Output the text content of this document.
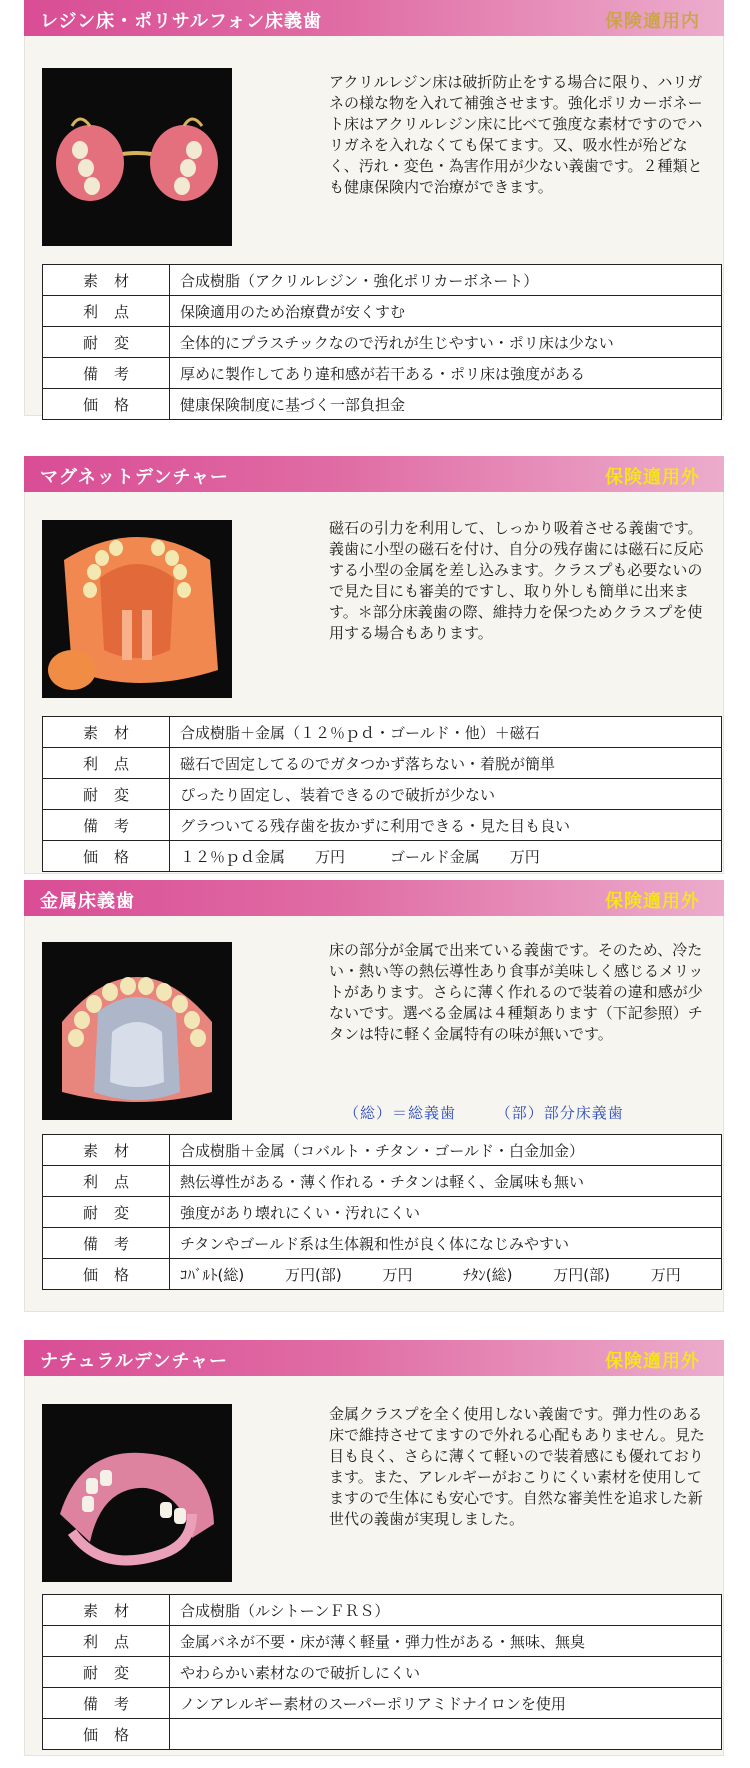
レジン床・ポリサルフォン床義歯	保険適用内

アクリルレジン床は破折防止をする場合に限り、ハリガネの様な物を入れて補強させます。強化ポリカーボネート床はアクリルレジン床に比べて強度な素材ですのでハリガネを入れなくても保てます。又、吸水性が殆どなく、汚れ・変色・為害作用が少ない義歯です。２種類とも健康保険内で治療ができます。

素材	合成樹脂（アクリルレジン・強化ポリカーボネート）
利点	保険適用のため治療費が安くすむ
耐変	全体的にプラスチックなので汚れが生じやすい・ポリ床は少ない
備考	厚めに製作してあり違和感が若干ある・ポリ床は強度がある
価格	健康保険制度に基づく一部負担金
マグネットデンチャー	保険適用外

磁石の引力を利用して、しっかり吸着させる義歯です。義歯に小型の磁石を付け、自分の残存歯には磁石に反応する小型の金属を差し込みます。クラスプも必要ないので見た目にも審美的ですし、取り外しも簡単に出来ます。＊部分床義歯の際、維持力を保つためクラスプを使用する場合もあります。

素材	合成樹脂＋金属（１２％ｐｄ・ゴールド・他）＋磁石
利点	磁石で固定してるのでガタつかず落ちない・着脱が簡単
耐変	ぴったり固定し、装着できるので破折が少ない
備考	グラついてる残存歯を抜かずに利用できる・見た目も良い
価格	１２％ｐｄ金属　　万円　　　ゴールド金属　　万円
金属床義歯	保険適用外

床の部分が金属で出来ている義歯です。そのため、冷たい・熱い等の熱伝導性あり食事が美味しく感じるメリットがあります。さらに薄く作れるので装着の違和感が少ないです。選べる金属は４種類あります（下記参照）チタンは特に軽く金属特有の味が無いです。

（総）＝総義歯	（部）部分床義歯
素材	合成樹脂＋金属（コバルト・チタン・ゴールド・白金加金）
利点	熱伝導性がある・薄く作れる・チタンは軽く、金属味も無い
耐変	強度があり壊れにくい・汚れにくい
備考	チタンやゴールド系は生体親和性が良く体になじみやすい
価格	ｺﾊﾞﾙﾄ(総) 万円(部) 万円 ﾁﾀﾝ(総) 万円(部) 万円
ナチュラルデンチャー	保険適用外

金属クラスプを全く使用しない義歯です。弾力性のある床で維持させてますので外れる心配もありません。見た目も良く、さらに薄くて軽いので装着感にも優れております。また、アレルギーがおこりにくい素材を使用してますので生体にも安心です。自然な審美性を追求した新世代の義歯が実現しました。

素材	合成樹脂（ルシトーンＦＲＳ）
利点	金属バネが不要・床が薄く軽量・弾力性がある・無味、無臭
耐変	やわらかい素材なので破折しにくい
備考	ノンアレルギー素材のスーパーポリアミドナイロンを使用
価格	
